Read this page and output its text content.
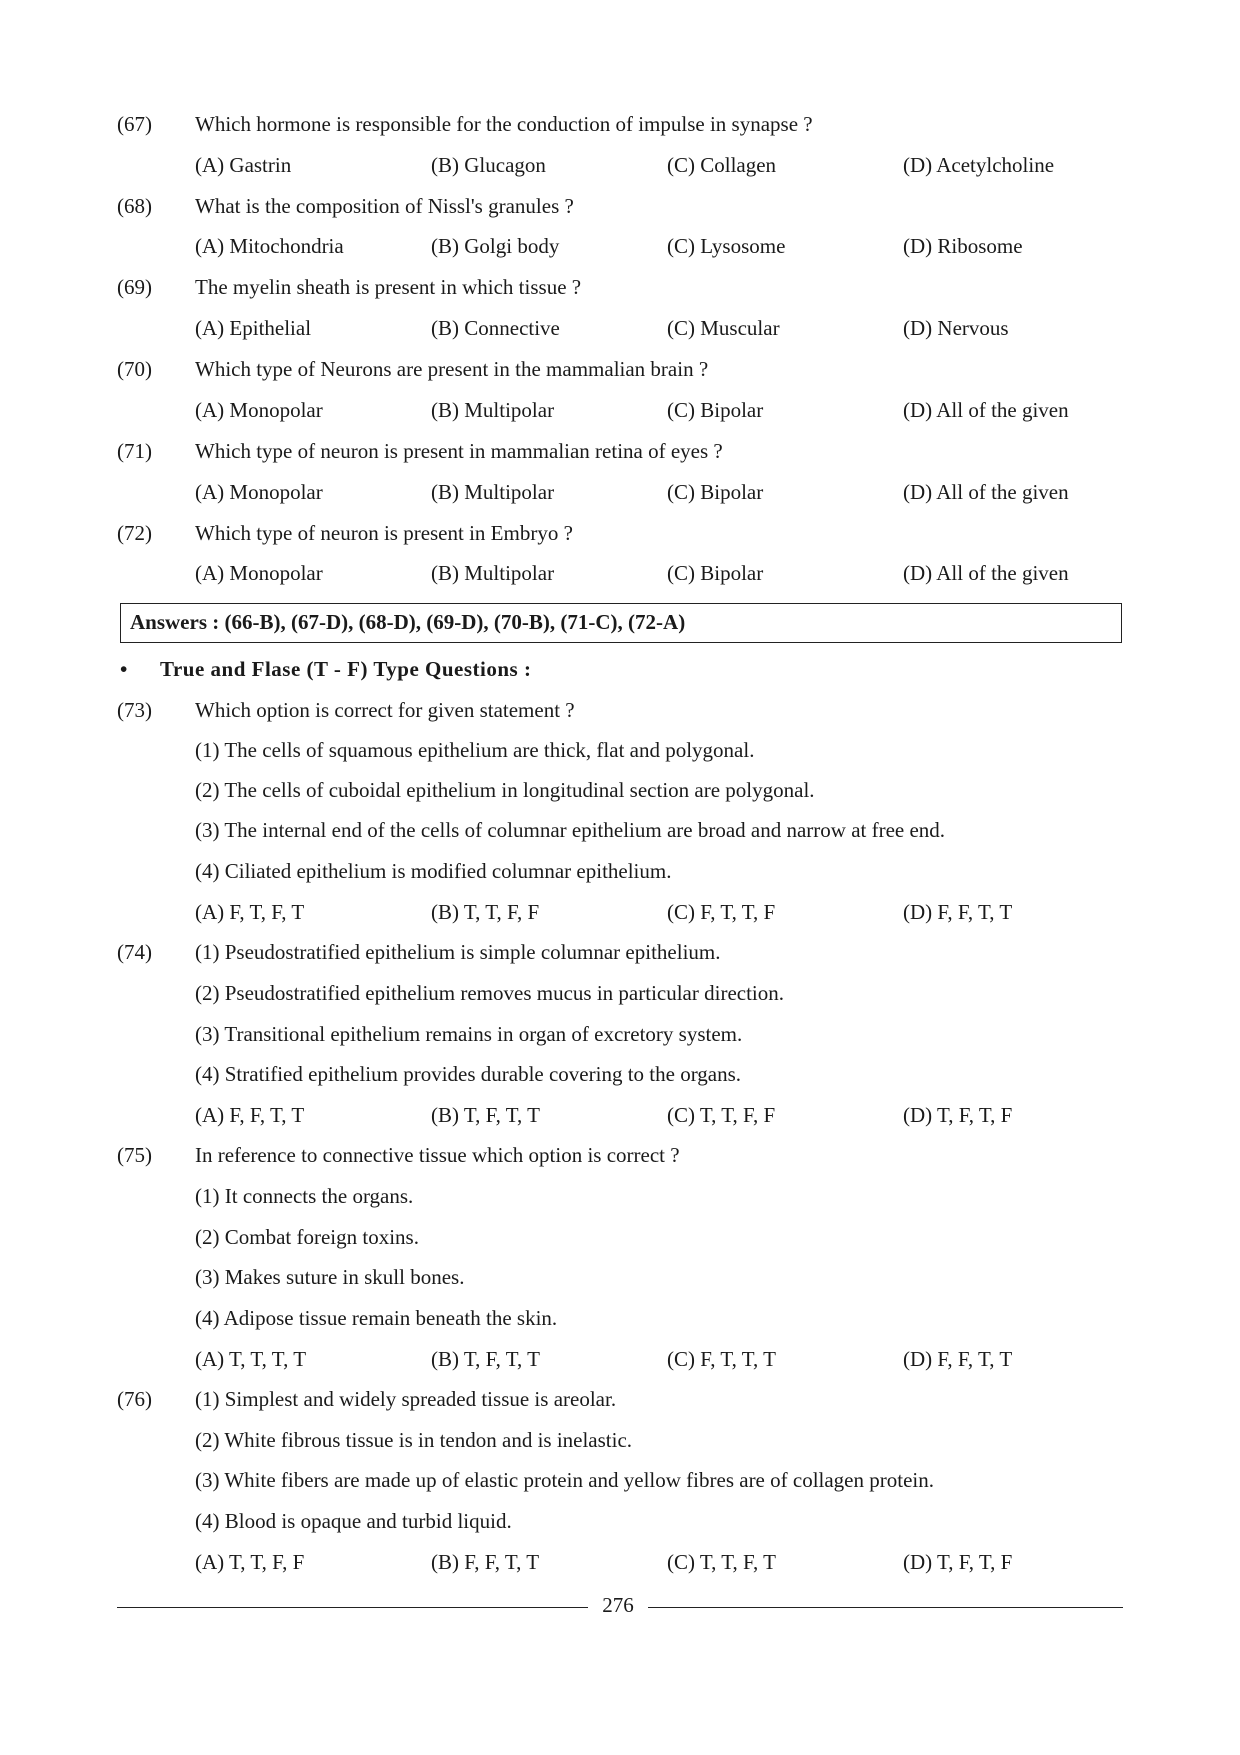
(67) Which hormone is responsible for the conduction of impulse in synapse ?
(A) Gastrin	(B) Glucagon	(C) Collagen	(D) Acetylcholine
(68) What is the composition of Nissl's granules ?
(A) Mitochondria	(B) Golgi body	(C) Lysosome	(D) Ribosome
(69) The myelin sheath is present in which tissue ?
(A) Epithelial	(B) Connective	(C) Muscular	(D) Nervous
(70) Which type of Neurons are present in the mammalian brain ?
(A) Monopolar	(B) Multipolar	(C) Bipolar	(D) All of the given
(71) Which type of neuron is present in mammalian retina of eyes ?
(A) Monopolar	(B) Multipolar	(C) Bipolar	(D) All of the given
(72) Which type of neuron is present in Embryo ?
(A) Monopolar	(B) Multipolar	(C) Bipolar	(D) All of the given
Answers : (66-B), (67-D), (68-D), (69-D), (70-B), (71-C), (72-A)
• True and Flase (T - F) Type Questions :
(73) Which option is correct for given statement ?
(1) The cells of squamous epithelium are thick, flat and polygonal.
(2) The cells of cuboidal epithelium in longitudinal section are polygonal.
(3) The internal end of the cells of columnar epithelium are broad and narrow at free end.
(4) Ciliated epithelium is modified columnar epithelium.
(A) F, T, F, T	(B) T, T, F, F	(C) F, T, T, F	(D) F, F, T, T
(74) (1) Pseudostratified epithelium is simple columnar epithelium.
(2) Pseudostratified epithelium removes mucus in particular direction.
(3) Transitional epithelium remains in organ of excretory system.
(4) Stratified epithelium provides durable covering to the organs.
(A) F, F, T, T	(B) T, F, T, T	(C) T, T, F, F	(D) T, F, T, F
(75) In reference to connective tissue which option is correct ?
(1) It connects the organs.
(2) Combat foreign toxins.
(3) Makes suture in skull bones.
(4) Adipose tissue remain beneath the skin.
(A) T, T, T, T	(B) T, F, T, T	(C) F, T, T, T	(D) F, F, T, T
(76) (1) Simplest and widely spreaded tissue is areolar.
(2) White fibrous tissue is in tendon and is inelastic.
(3) White fibers are made up of elastic protein and yellow fibres are of collagen protein.
(4) Blood is opaque and turbid liquid.
(A) T, T, F, F	(B) F, F, T, T	(C) T, T, F, T	(D) T, F, T, F
276
